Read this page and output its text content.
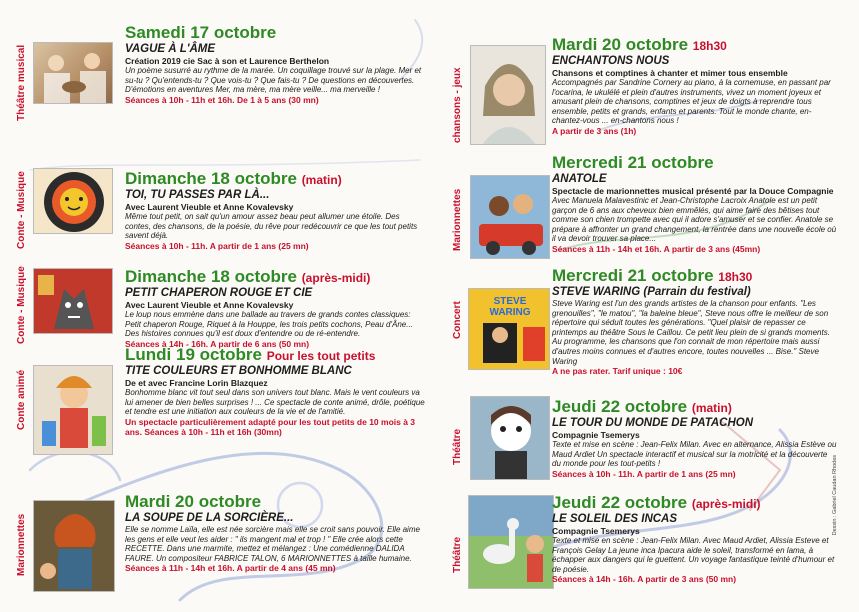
Théâtre musical
Samedi 17 octobre
VAGUE À L'ÂME
Création 2019 cie Sac à son et Laurence Berthelon
Un poème susurré au rythme de la marée. Un coquillage trouvé sur la plage. Mer et su-tu ? Qu'entends-tu ? Que vois-tu ? Que fais-tu ? De questions en découvertes. D'émotions en aventures Mer, ma mère, ma mère veille... ma merveille !
Séances à 10h - 11h et 16h. De 1 à 5 ans (30 mn)
Conte - Musique	Dimanche 18 octobre (matin)
TOI, TU PASSES PAR LÀ...
Avec Laurent Vieuble et Anne Kovalevsky
Même tout petit, on sait qu'un amour assez beau peut allumer une étoile. Des contes, des chansons, de la poésie, du rêve pour redécouvrir ce que les tout petits savent déjà.
Séances à 10h - 11h. A partir de 1 ans (25 mn)
Conte - Musique	Dimanche 18 octobre (après-midi)
PETIT CHAPERON ROUGE ET CIE
Avec Laurent Vieuble et Anne Kovalevsky
Le loup nous emmène dans une ballade au travers de grands contes classiques: Petit chaperon Rouge, Riquet à la Houppe, les trois petits cochons, Peau d'Âne... Des histoires connues qu'il est doux d'entendre ou de ré-entendre.
Séances à 14h - 16h. A partir de 6 ans (50 mn)
Conte animé
Lundi 19 octobre Pour les tout petits
TITE COULEURS ET BONHOMME BLANC
De et avec Francine Lorin Blazquez
Bonhomme blanc vit tout seul dans son univers tout blanc. Mais le vent couleurs va lui amener de bien belles surprises ! ... Ce spectacle de conte animé, drôle, poétique et tendre est une initiation aux couleurs de la vie et de l'amitié.
Un spectacle particulièrement adapté pour les tout petits de 10 mois à 3 ans. Séances à 10h - 11h et 16h (30mn)
Marionnettes
Mardi 20 octobre
LA SOUPE DE LA SORCIÈRE...
Elle se nomme Laïla, elle est née sorcière mais elle se croit sans pouvoir. Elle aime les gens et elle veut les aider : " ils mangent mal et trop ! " Elle crée alors cette RECETTE. Dans une marmite, mettez et mélangez : Une comédienne DALIDA FAURE. Un compositeur FABRICE TALON, 6 MARIONNETTES à taille humaine.
Séances à 11h - 14h et 16h. A partir de 4 ans (45 mn)
chansons - jeux
Mardi 20 octobre 18h30
ENCHANTONS NOUS
Chansons et comptines à chanter et mimer tous ensemble
Accompagnés par Sandrine Cornery au piano, à la cornemuse, en passant par l'ocarina, le ukulélé et plein d'autres instruments, vivez un moment joyeux et amusant plein de chansons, comptines et jeux de doigts à reprendre tous ensemble, petits et grands, enfants et parents. Tout le monde chante, en-chantez-vous ... en-chantons nous !
A partir de 3 ans (1h)
Marionnettes
Mercredi 21 octobre
ANATOLE
Spectacle de marionnettes musical présenté par la Douce Compagnie
Avec Manuela Malavestinic et Jean-Christophe Lacroix Anatole est un petit garçon de 6 ans aux cheveux bien emmêlés, qui aime faire des bêtises tout comme son chien trompette avec qui il adore s'amuser et se confier. Anatole se prépare à affronter un grand changement, la rentrée dans une nouvelle école où il va devoir trouver sa place...
Séances à 11h - 14h et 16h. A partir de 3 ans (45mn)
Concert	STEVE
WARING
Mercredi 21 octobre 18h30
STEVE WARING (Parrain du festival)
Steve Waring est l'un des grands artistes de la chanson pour enfants. "Les grenouilles", "le matou", "la baleine bleue", Steve nous offre le meilleur de son répertoire qui séduit toutes les générations. "Quel plaisir de repasser ce printemps au théâtre Sous le Caillou. Ce petit lieu plein de si grands moments. Au programme, les chansons que l'on connait de mon répertoire mais aussi d'autres moins connues et d'autres encore, toutes nouvelles ... Bise." Steve Waring
A ne pas rater. Tarif unique : 10€
Théâtre
Jeudi 22 octobre (matin)
LE TOUR DU MONDE DE PATACHON
Compagnie Tsemerys
Texte et mise en scène : Jean-Felix Milan. Avec en alternance, Alissia Estève ou Maud Ardiet Un spectacle interactif et musical sur la motricité et la découverte du monde pour les tout-petits !
Séances à 10h - 11h. A partir de 1 ans (25 mn)
Théâtre
Jeudi 22 octobre (après-midi)
LE SOLEIL DES INCAS
Compagnie Tsemerys
Texte et mise en scène : Jean-Felix Milan. Avec Maud Ardiet, Alissia Esteve et François Gelay La jeune inca Ipacura aide le soleil, transformé en lama, à échapper aux dangers qui le guettent. Un voyage fantastique teinté d'humour et de poésie.
Séances à 14h - 16h. A partir de 3 ans (50 mn)
Dessin : Gabriel Caudan Rhodes
